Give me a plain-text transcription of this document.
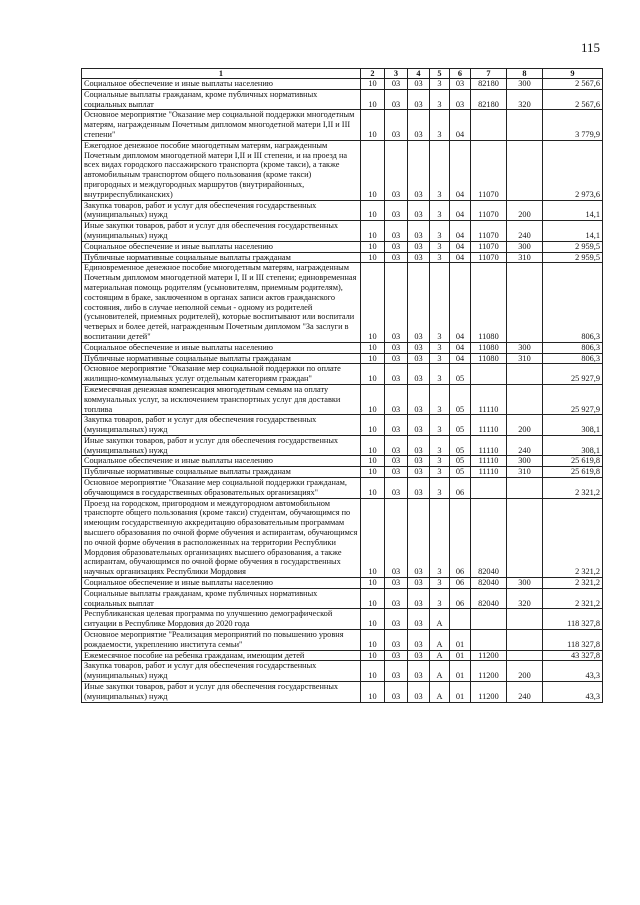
115
1	2	3	4	5	6	7	8	9
Социальное обеспечение и иные выплаты населению	10	03	03	3	03	82180	300	2 567,6
Социальные выплаты гражданам, кроме публичных нормативных социальных выплат	10	03	03	3	03	82180	320	2 567,6
Основное мероприятие "Оказание мер социальной поддержки многодетным матерям, награжденным Почетным дипломом многодетной матери I,II и III степени"	10	03	03	3	04			3 779,9
Ежегодное денежное пособие многодетным матерям, награжденным Почетным дипломом многодетной матери I,II и III степени, и на проезд на всех видах городского пассажирского транспорта (кроме такси), а также автомобильным транспортом общего пользования (кроме такси) пригородных и междугородных маршрутов (внутрирайонных, внутриреспубликанских)	10	03	03	3	04	11070		2 973,6
Закупка товаров, работ и услуг для обеспечения государственных (муниципальных) нужд	10	03	03	3	04	11070	200	14,1
Иные закупки товаров, работ и услуг для обеспечения государственных (муниципальных) нужд	10	03	03	3	04	11070	240	14,1
Социальное обеспечение и иные выплаты населению	10	03	03	3	04	11070	300	2 959,5
Публичные нормативные социальные выплаты гражданам	10	03	03	3	04	11070	310	2 959,5
Единовременное денежное пособие многодетным матерям, награжденным Почетным дипломом многодетной матери I, II и III степени; единовременная материальная помощь родителям (усыновителям, приемным родителям), состоящим в браке, заключенном в органах записи актов гражданского состояния, либо в случае неполной семьи - одному из родителей (усыновителей, приемных родителей), которые воспитывают или воспитали четверых и более детей, награжденным Почетным дипломом "За заслуги в воспитании детей"	10	03	03	3	04	11080		806,3
Социальное обеспечение и иные выплаты населению	10	03	03	3	04	11080	300	806,3
Публичные нормативные социальные выплаты гражданам	10	03	03	3	04	11080	310	806,3
Основное мероприятие "Оказание мер социальной поддержки по оплате жилищно-коммунальных услуг отдельным категориям граждан"	10	03	03	3	05			25 927,9
Ежемесячная денежная компенсация многодетным семьям на оплату коммунальных услуг, за исключением транспортных услуг для доставки топлива	10	03	03	3	05	11110		25 927,9
Закупка товаров, работ и услуг для обеспечения государственных (муниципальных) нужд	10	03	03	3	05	11110	200	308,1
Иные закупки товаров, работ и услуг для обеспечения государственных (муниципальных) нужд	10	03	03	3	05	11110	240	308,1
Социальное обеспечение и иные выплаты населению	10	03	03	3	05	11110	300	25 619,8
Публичные нормативные социальные выплаты гражданам	10	03	03	3	05	11110	310	25 619,8
Основное мероприятие "Оказание мер социальной поддержки гражданам, обучающимся в государственных образовательных организациях"	10	03	03	3	06			2 321,2
Проезд на городском, пригородном и междугородном автомобильном транспорте общего пользования (кроме такси) студентам, обучающимся по имеющим государственную аккредитацию образовательным программам высшего образования по очной форме обучения и аспирантам, обучающимся по очной форме обучения в расположенных на территории Республики Мордовия образовательных организациях высшего образования, а также аспирантам, обучающимся по очной форме обучения в государственных научных организациях Республики Мордовия	10	03	03	3	06	82040		2 321,2
Социальное обеспечение и иные выплаты населению	10	03	03	3	06	82040	300	2 321,2
Социальные выплаты гражданам, кроме публичных нормативных социальных выплат	10	03	03	3	06	82040	320	2 321,2
Республиканская целевая программа по улучшению демографической ситуации в Республике Мордовия до 2020 года	10	03	03	А				118 327,8
Основное мероприятие "Реализация мероприятий по повышению уровня рождаемости, укреплению института семьи"	10	03	03	А	01			118 327,8
Ежемесячное пособие на ребенка гражданам, имеющим детей	10	03	03	А	01	11200		43 327,8
Закупка товаров, работ и услуг для обеспечения государственных (муниципальных) нужд	10	03	03	А	01	11200	200	43,3
Иные закупки товаров, работ и услуг для обеспечения государственных (муниципальных) нужд	10	03	03	А	01	11200	240	43,3
